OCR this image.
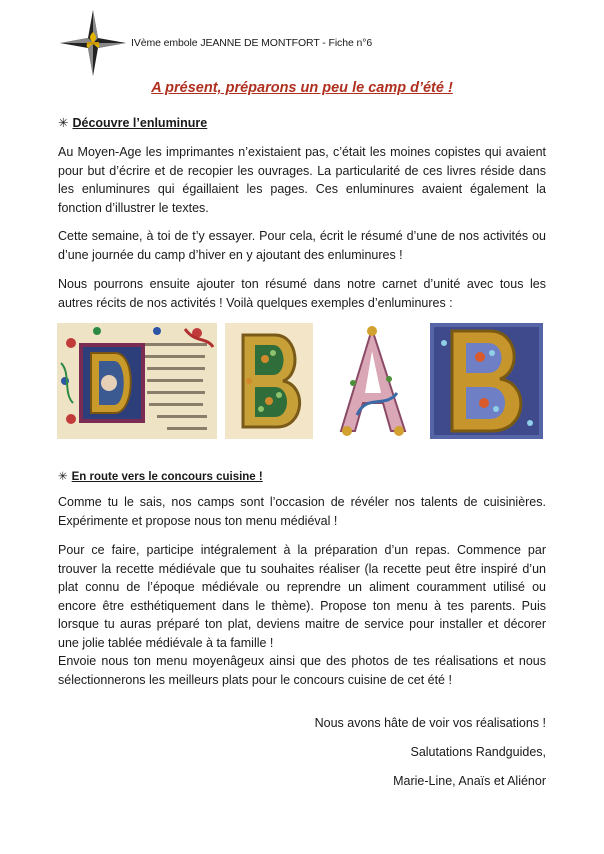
IVème embole JEANNE DE MONTFORT - Fiche n°6
A présent, préparons un peu le camp d’été !
✳ Découvre l’enluminure
Au Moyen-Age les imprimantes n’existaient pas, c’était les moines copistes qui avaient pour but d’écrire et de recopier les ouvrages. La particularité de ces livres réside dans les enluminures qui égaillaient les pages. Ces enluminures avaient également la fonction d’illustrer le textes.
Cette semaine, à toi de t’y essayer. Pour cela, écrit le résumé d’une de nos activités ou d’une journée du camp d’hiver en y ajoutant des enluminures !
Nous pourrons ensuite ajouter ton résumé dans notre carnet d’unité avec tous les autres récits de nos activités ! Voilà quelques exemples d’enluminures :
✳ En route vers le concours cuisine !
Comme tu le sais, nos camps sont l’occasion de révéler nos talents de cuisinières. Expérimente et propose nous ton menu médiéval !
Pour ce faire, participe intégralement à la préparation d’un repas. Commence par trouver la recette médiévale que tu souhaites réaliser (la recette peut être inspiré d’un plat connu de l’époque médiévale ou reprendre un aliment couramment utilisé ou encore être esthétiquement dans le thème). Propose ton menu à tes parents. Puis lorsque tu auras préparé ton plat, deviens maitre de service pour installer et décorer une jolie tablée médiévale à ta famille !
Envoie nous ton menu moyenâgeux ainsi que des photos de tes réalisations et nous sélectionnerons les meilleurs plats pour le concours cuisine de cet été !
Nous avons hâte de voir vos réalisations !
Salutations Randguides,
Marie-Line, Anaïs et Aliénor
